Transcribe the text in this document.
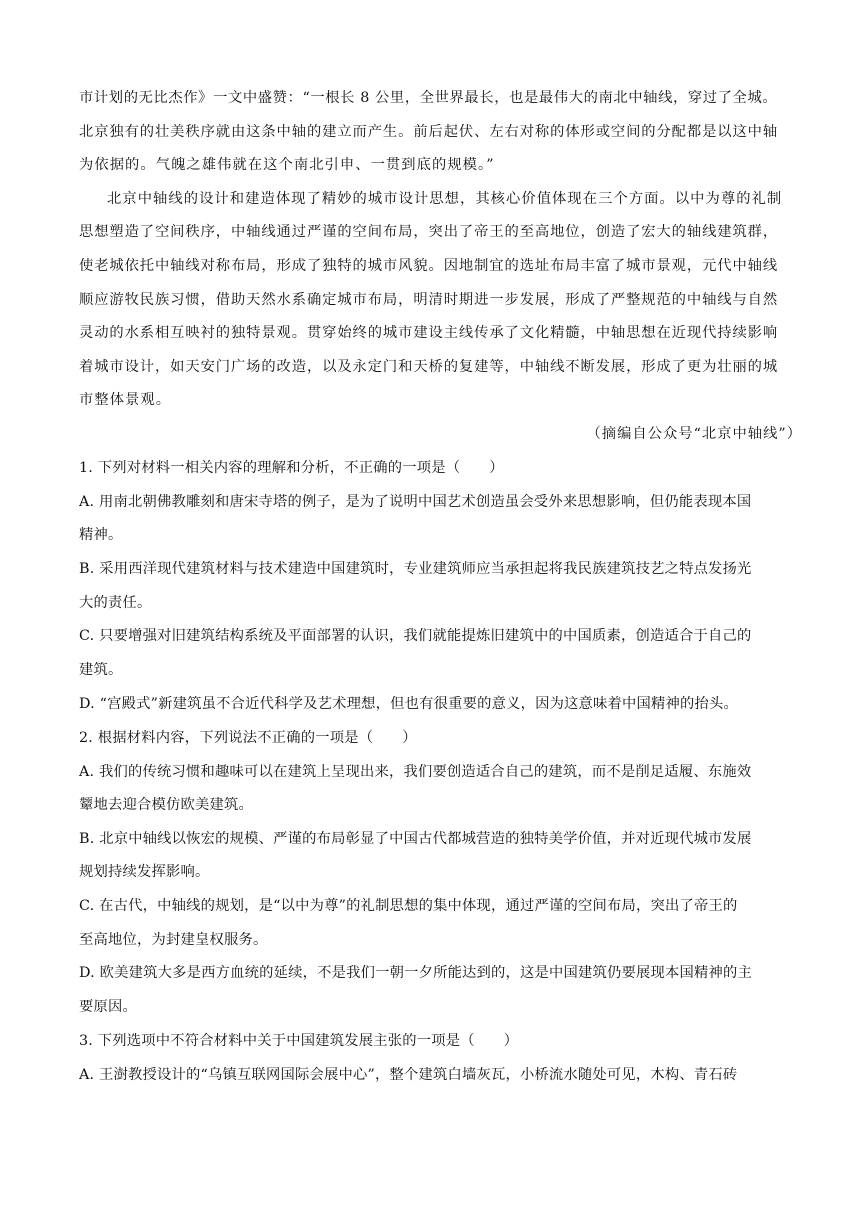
市计划的无比杰作》一文中盛赞：“一根长 8 公里，全世界最长，也是最伟大的南北中轴线，穿过了全城。
北京独有的壮美秩序就由这条中轴的建立而产生。前后起伏、左右对称的体形或空间的分配都是以这中轴
为依据的。气魄之雄伟就在这个南北引申、一贯到底的规模。”
北京中轴线的设计和建造体现了精妙的城市设计思想，其核心价值体现在三个方面。以中为尊的礼制
思想塑造了空间秩序，中轴线通过严谨的空间布局，突出了帝王的至高地位，创造了宏大的轴线建筑群，
使老城依托中轴线对称布局，形成了独特的城市风貌。因地制宜的选址布局丰富了城市景观，元代中轴线
顺应游牧民族习惯，借助天然水系确定城市布局，明清时期进一步发展，形成了严整规范的中轴线与自然
灵动的水系相互映衬的独特景观。贯穿始终的城市建设主线传承了文化精髓，中轴思想在近现代持续影响
着城市设计，如天安门广场的改造，以及永定门和天桥的复建等，中轴线不断发展，形成了更为壮丽的城
市整体景观。
（摘编自公众号“北京中轴线”）
1. 下列对材料一相关内容的理解和分析，不正确的一项是（　　）
A. 用南北朝佛教雕刻和唐宋寺塔的例子，是为了说明中国艺术创造虽会受外来思想影响，但仍能表现本国
精神。
B. 采用西洋现代建筑材料与技术建造中国建筑时，专业建筑师应当承担起将我民族建筑技艺之特点发扬光
大的责任。
C. 只要增强对旧建筑结构系统及平面部署的认识，我们就能提炼旧建筑中的中国质素，创造适合于自己的
建筑。
D. “宫殿式”新建筑虽不合近代科学及艺术理想，但也有很重要的意义，因为这意味着中国精神的抬头。
2. 根据材料内容，下列说法不正确的一项是（　　）
A. 我们的传统习惯和趣味可以在建筑上呈现出来，我们要创造适合自己的建筑，而不是削足适履、东施效
颦地去迎合模仿欧美建筑。
B. 北京中轴线以恢宏的规模、严谨的布局彰显了中国古代都城营造的独特美学价值，并对近现代城市发展
规划持续发挥影响。
C. 在古代，中轴线的规划，是“以中为尊”的礼制思想的集中体现，通过严谨的空间布局，突出了帝王的
至高地位，为封建皇权服务。
D. 欧美建筑大多是西方血统的延续，不是我们一朝一夕所能达到的，这是中国建筑仍要展现本国精神的主
要原因。
3. 下列选项中不符合材料中关于中国建筑发展主张的一项是（　　）
A. 王澍教授设计的“乌镇互联网国际会展中心”，整个建筑白墙灰瓦，小桥流水随处可见，木构、青石砖
